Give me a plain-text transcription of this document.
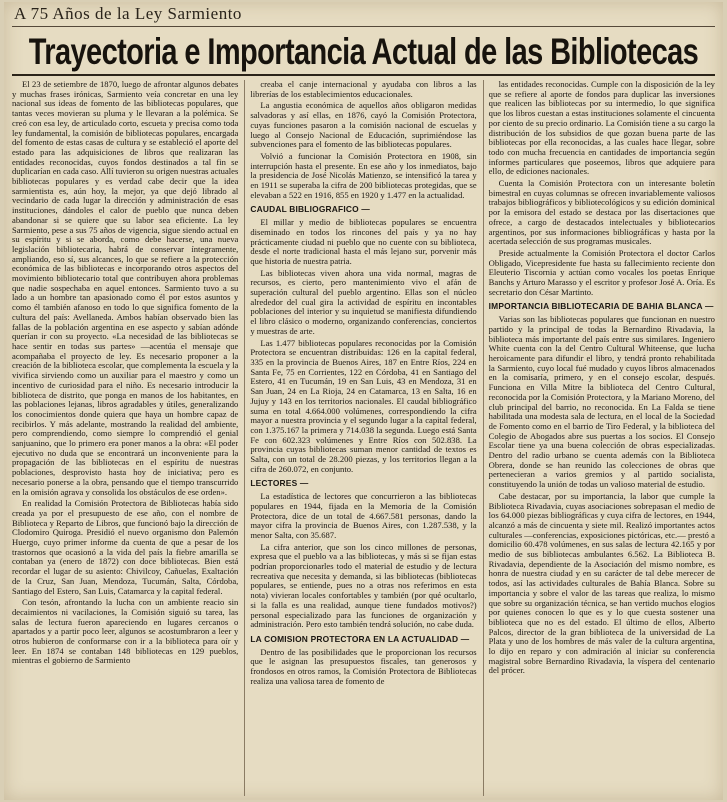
A 75 Años de la Ley Sarmiento
Trayectoria e Importancia Actual de las Bibliotecas

El 23 de setiembre de 1870, luego de afrontar algunos debates y muchas frases irónicas, Sarmiento veía concretar en una ley nacional sus ideas de fomento de las bibliotecas populares, que tantas veces movieran su pluma y le llevaran a la polémica. Se creó con esa ley, de articulado corto, escueta y precisa como toda ley fundamental, la comisión de bibliotecas populares, encargada del fomento de estas casas de cultura y se estableció el aporte del estado para las adquisiciones de libros que realizaran las entidades reconocidas, cuyos fondos destinados a tal fin se duplicarían en cada caso. Allí tuvieron su origen nuestras actuales bibliotecas populares y es verdad cabe decir que la idea sarmientista es, aún hoy, la mejor, ya que dejó librado al vecindario de cada lugar la dirección y administración de esas instituciones, dándoles el calor de pueblo que nunca deben abandonar si se quiere que su labor sea eficiente. La ley Sarmiento, pese a sus 75 años de vigencia, sigue siendo actual en su espíritu y si se aborda, como debe hacerse, una nueva legislación bibliotecaria, habrá de conservar íntegramente, ampliando, eso sí, sus alcances, lo que se refiere a la protección económica de las bibliotecas e incorporando otros aspectos del movimiento bibliotecario total que contribuyen ahora problemas que nadie sospechaba en aquel entonces. Sarmiento tuvo a su lado a un hombre tan apasionado como él por estos asuntos y como él también afanoso en todo lo que significa fomento de la cultura del país: Avellaneda. Ambos habían observado bien las fallas de la población argentina en ese aspecto y sabían adónde querían ir con su proyecto. «La necesidad de las bibliotecas se hace sentir en todas sus partes» —acentúa el mensaje que acompañaba el proyecto de ley. Es necesario proponer a la creación de la biblioteca escolar, que complementa la escuela y la vivifica sirviendo como un auxiliar para el maestro y como un incentivo de curiosidad para el niño. Es necesario introducir la biblioteca de distrito, que ponga en manos de los habitantes, en las poblaciones lejanas, libros agradables y útiles, generalizando los conocimientos donde quiera que haya un hombre capaz de recibirlos. Y más adelante, mostrando la realidad del ambiente, pero comprendiendo, como siempre lo comprendió el genial sanjuanino, que lo primero era poner manos a la obra: «El poder ejecutivo no duda que se encontrará un inconveniente para la propagación de las bibliotecas en el espíritu de nuestras poblaciones, desprovisto hasta hoy de iniciativa; pero es necesario ponerse a la obra, pensando que el tiempo transcurrido en la omisión agrava y consolida los obstáculos de ese orden».

En realidad la Comisión Protectora de Bibliotecas había sido creada ya por el presupuesto de ese año, con el nombre de Biblioteca y Reparto de Libros, que funcionó bajo la dirección de Clodomiro Quiroga. Presidió el nuevo organismo don Palemón Huergo, cuyo primer informe da cuenta de que a pesar de los trastornos que ocasionó a la vida del país la fiebre amarilla se contaban ya (enero de 1872) con doce bibliotecas. Bien está recordar el lugar de su asiento: Chivilcoy, Cañuelas, Exaltación de la Cruz, San Juan, Mendoza, Tucumán, Salta, Córdoba, Santiago del Estero, San Luis, Catamarca y la capital federal.

Con tesón, afrontando la lucha con un ambiente reacio sin decaimientos ni vacilaciones, la Comisión siguió su tarea, las salas de lectura fueron apareciendo en lugares cercanos o apartados y a partir poco leer, algunos se acostumbraron a leer y otros hubieron de conformarse con ir a la biblioteca para oír y leer. En 1874 se contaban 148 bibliotecas en 129 pueblos, mientras el gobierno de Sarmiento

creaba el canje internacional y ayudaba con libros a las librerías de los establecimientos educacionales.

La angustia económica de aquellos años obligaron medidas salvadoras y así ellas, en 1876, cayó la Comisión Protectora, cuyas funciones pasaron a la comisión nacional de escuelas y luego al Consejo Nacional de Educación, suprimiéndose las subvenciones para el fomento de las bibliotecas populares.

Volvió a funcionar la Comisión Protectora en 1908, sin interrupción hasta el presente. En ese año y los inmediatos, bajo la presidencia de José Nicolás Matienzo, se intensificó la tarea y en 1911 se superaba la cifra de 200 bibliotecas protegidas, que se elevaban a 522 en 1916, 855 en 1920 y 1.477 en la actualidad.

CAUDAL BIBLIOGRAFICO —

El millar y medio de bibliotecas populares se encuentra diseminado en todos los rincones del país y ya no hay prácticamente ciudad ni pueblo que no cuente con su biblioteca, desde el norte tradicional hasta el más lejano sur, porvenir más que historia de nuestra patria.

Las bibliotecas viven ahora una vida normal, magras de recursos, es cierto, pero mantenimiento vivo el afán de superación cultural del pueblo argentino. Ellas son el núcleo alrededor del cual gira la actividad de espíritu en incontables poblaciones del interior y su inquietud se manifiesta difundiendo el libro clásico o moderno, organizando conferencias, conciertos y muestras de arte.

Las 1.477 bibliotecas populares reconocidas por la Comisión Protectora se encuentran distribuidas: 126 en la capital federal, 335 en la provincia de Buenos Aires, 187 en Entre Ríos, 224 en Santa Fe, 75 en Corrientes, 122 en Córdoba, 41 en Santiago del Estero, 41 en Tucumán, 19 en San Luis, 43 en Mendoza, 31 en San Juan, 24 en La Rioja, 24 en Catamarca, 13 en Salta, 16 en Jujuy y 143 en los territorios nacionales. El caudal bibliográfico suma en total 4.664.000 volúmenes, correspondiendo la cifra mayor a nuestra provincia y el segundo lugar a la capital federal, con 1.375.167 la primera y 714.038 la segunda. Luego está Santa Fe con 602.323 volúmenes y Entre Ríos con 502.838. La provincia cuyas bibliotecas suman menor cantidad de textos es Salta, con un total de 28.200 piezas, y los territorios llegan a la cifra de 260.072, en conjunto.

LECTORES —

La estadística de lectores que concurrieron a las bibliotecas populares en 1944, fijada en la Memoria de la Comisión Protectora, dice de un total de 4.667.581 personas, dando la mayor cifra la provincia de Buenos Aires, con 1.287.538, y la menor Salta, con 35.687.

La cifra anterior, que son los cinco millones de personas, expresa que el pueblo va a las bibliotecas, y más si se fijan estas podrían proporcionarles todo el material de estudio y de lectura recreativa que necesita y demanda, si las bibliotecas (bibliotecas populares, se entiende, pues no a otras nos referimos en esta nota) vivieran locales confortables y también (por qué ocultarlo, si la falla es una realidad, aunque tiene fundados motivos?) personal especializado para las funciones de organización y administración. Pero esto también tendrá solución, no cabe duda.

LA COMISION PROTECTORA EN LA ACTUALIDAD —

Dentro de las posibilidades que le proporcionan los recursos que le asignan las presupuestos fiscales, tan generosos y frondosos en otros ramos, la Comisión Protectora de Bibliotecas realiza una valiosa tarea de fomento de

las entidades reconocidas. Cumple con la disposición de la ley que se refiere al aporte de fondos para duplicar las inversiones que realicen las bibliotecas por su intermedio, lo que significa que los libros cuestan a estas instituciones solamente el cincuenta por ciento de su precio ordinario. La Comisión tiene a su cargo la distribución de los subsidios de que gozan buena parte de las bibliotecas por ella reconocidas, a las cuales hace llegar, sobre todo con mucha frecuencia en cantidades de importancia según informes particulares que poseemos, libros que adquiere para ello, de ediciones nacionales.

Cuenta la Comisión Protectora con un interesante boletín bimestral en cuyas columnas se ofrecen invariablemente valiosos trabajos bibliográficos y bibliotecológicos y su edición dominical por la emisora del estado se destaca por las disertaciones que ofrece, a cargo de destacados intelectuales y bibliotecarios argentinos, por sus informaciones bibliográficas y hasta por la acertada selección de sus programas musicales.

Preside actualmente la Comisión Protectora el doctor Carlos Obligado, Vicepresidente fue hasta su fallecimiento reciente don Eleuterio Tiscornia y actúan como vocales los poetas Enrique Banchs y Arturo Marasso y el escritor y profesor José A. Oría. Es secretario don César Martinto.

IMPORTANCIA BIBLIOTECARIA DE BAHIA BLANCA —

Varias son las bibliotecas populares que funcionan en nuestro partido y la principal de todas la Bernardino Rivadavia, la biblioteca más importante del país entre sus similares. Ingeniero White cuenta con la del Centro Cultural Whiteense, que lucha heroicamente para difundir el libro, y tendrá pronto rehabilitada la Sarmiento, cuyo local fué mudado y cuyos libros almacenados en la comisaría, primero, y en el consejo escolar, después. Funciona en Villa Mitre la biblioteca del Centro Cultural, reconocida por la Comisión Protectora, y la Mariano Moreno, del club principal del barrio, no reconocida. En La Falda se tiene habilitada una modesta sala de lectura, en el local de la Sociedad de Fomento como en el barrio de Tiro Federal, y la biblioteca del Colegio de Abogados abre sus puertas a los socios. El Consejo Escolar tiene ya una buena colección de obras especializadas. Dentro del radio urbano se cuenta además con la Biblioteca Obrera, donde se han reunido las colecciones de obras que pertenecieran a varios gremios y al partido socialista, constituyendo la unión de todas un valioso material de estudio.

Cabe destacar, por su importancia, la labor que cumple la Biblioteca Rivadavia, cuyas asociaciones sobrepasan el medio de los 64.000 piezas bibliográficas y cuya cifra de lectores, en 1944, alcanzó a más de cincuenta y siete mil. Realizó importantes actos culturales —conferencias, exposiciones pictóricas, etc.— prestó a domicilio 60.478 volúmenes, en sus salas de lectura 42.165 y por medio de sus bibliotecas ambulantes 6.562. La Biblioteca B. Rivadavia, dependiente de la Asociación del mismo nombre, es honra de nuestra ciudad y en su carácter de tal debe merecer de todos, así las actividades culturales de Bahía Blanca. Sobre su importancia y sobre el valor de las tareas que realiza, lo mismo que sobre su organización técnica, se han vertido muchos elogios por quienes conocen lo que es y lo que cuesta sostener una biblioteca que no es del estado. El último de ellos, Alberto Palcos, director de la gran biblioteca de la universidad de La Plata y uno de los hombres de más valer de la cultura argentina, lo dijo en reparo y con admiración al iniciar su conferencia magistral sobre Bernardino Rivadavia, la víspera del centenario del prócer.
